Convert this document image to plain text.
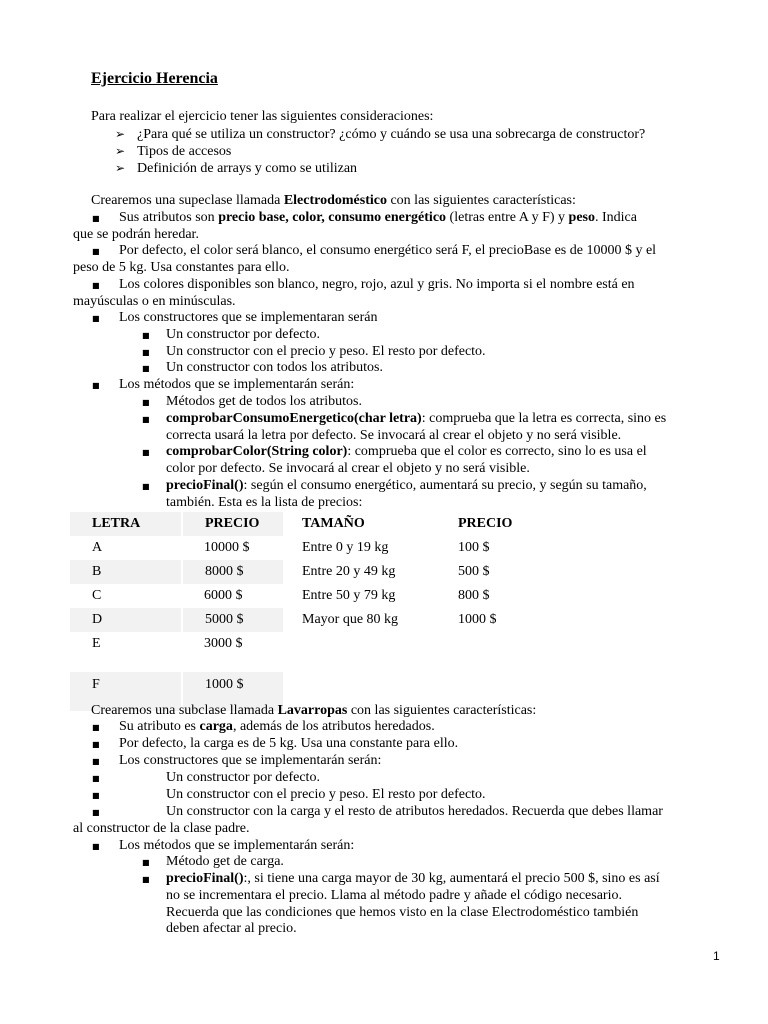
Ejercicio Herencia
Para realizar el ejercicio tener las siguientes consideraciones:
➢ ¿Para qué se utiliza un constructor? ¿cómo y cuándo se usa una sobrecarga de constructor?
➢ Tipos de accesos
➢ Definición de arrays y como se utilizan
Crearemos una supeclase llamada Electrodoméstico con las siguientes características:
■ Sus atributos son precio base, color, consumo energético (letras entre A y F) y peso. Indica
que se podrán heredar.
■ Por defecto, el color será blanco, el consumo energético será F, el precioBase es de 10000 $ y el
peso de 5 kg. Usa constantes para ello.
■ Los colores disponibles son blanco, negro, rojo, azul y gris. No importa si el nombre está en
mayúsculas o en minúsculas.
■ Los constructores que se implementaran serán
■ Un constructor por defecto.
■ Un constructor con el precio y peso. El resto por defecto.
■ Un constructor con todos los atributos.
■ Los métodos que se implementarán serán:
■ Métodos get de todos los atributos.
■ comprobarConsumoEnergetico(char letra): comprueba que la letra es correcta, sino es
correcta usará la letra por defecto. Se invocará al crear el objeto y no será visible.
■ comprobarColor(String color): comprueba que el color es correcto, sino lo es usa el
color por defecto. Se invocará al crear el objeto y no será visible.
■ precioFinal(): según el consumo energético, aumentará su precio, y según su tamaño,
también. Esta es la lista de precios:
LETRA	PRECIO
A	10000 $
B	8000 $
C	6000 $
D	5000 $
E	3000 $
F	1000 $
TAMAÑO	PRECIO
Entre 0 y 19 kg	100 $
Entre 20 y 49 kg	500 $
Entre 50 y 79 kg	800 $
Mayor que 80 kg	1000 $
Crearemos una subclase llamada Lavarropas con las siguientes características:
■ Su atributo es carga, además de los atributos heredados.
■ Por defecto, la carga es de 5 kg. Usa una constante para ello.
■ Los constructores que se implementarán serán:
■	Un constructor por defecto.
■	Un constructor con el precio y peso. El resto por defecto.
■	Un constructor con la carga y el resto de atributos heredados. Recuerda que debes llamar
al constructor de la clase padre.
■ Los métodos que se implementarán serán:
■ Método get de carga.
■ precioFinal():, si tiene una carga mayor de 30 kg, aumentará el precio 500 $, sino es así
no se incrementara el precio. Llama al método padre y añade el código necesario.
Recuerda que las condiciones que hemos visto en la clase Electrodoméstico también
deben afectar al precio.
1
